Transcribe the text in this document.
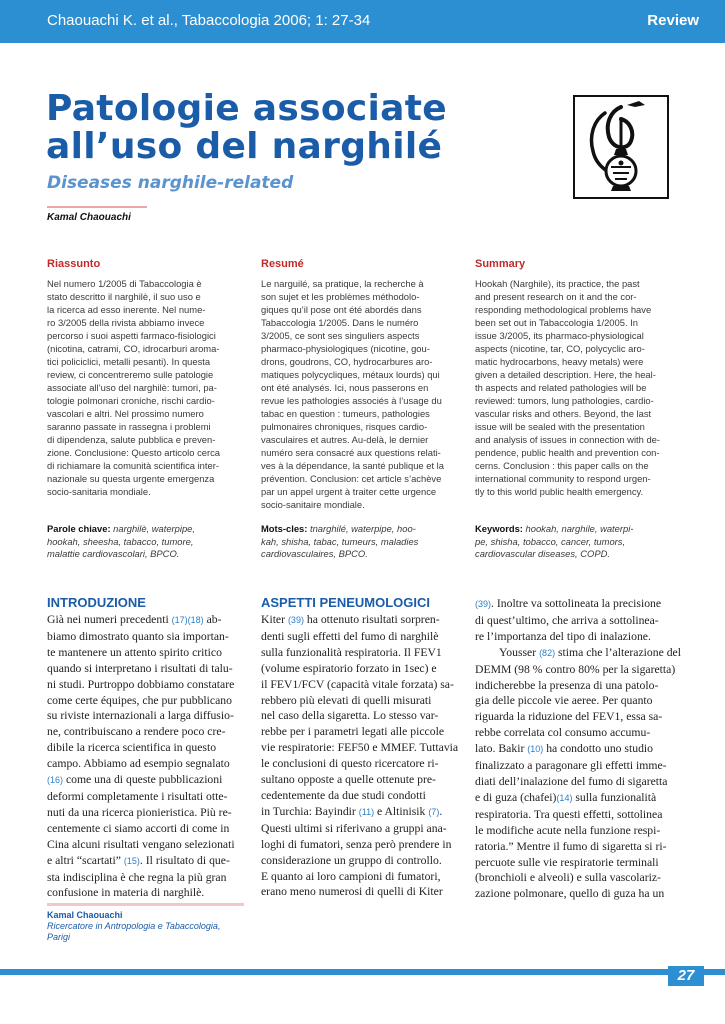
Chaouachi K. et al., Tabaccologia 2006; 1: 27-34	Review
Patologie associate
all’uso del narghilé
Diseases narghile-related
Kamal Chaouachi
Riassunto
Nel numero 1/2005 di Tabaccologia è
stato descritto il narghilè, il suo uso e
la ricerca ad esso inerente. Nel nume-
ro 3/2005 della rivista abbiamo invece
percorso i suoi aspetti farmaco-fisiologici
(nicotina, catrami, CO, idrocarburi aroma-
tici policiclici, metalli pesanti). In questa
review, ci concentreremo sulle patologie
associate all’uso del narghilè: tumori, pa-
tologie polmonari croniche, rischi cardio-
vascolari e altri. Nel prossimo numero
saranno passate in rassegna i problemi
di dipendenza, salute pubblica e preven-
zione. Conclusione: Questo articolo cerca
di richiamare la comunità scientifica inter-
nazionale su questa urgente emergenza
socio-sanitaria mondiale.
Parole chiave: narghilè, waterpipe,
hookah, sheesha, tabacco, tumore,
malattie cardiovascolari, BPCO.
Resumé
Le narguilé, sa pratique, la recherche à
son sujet et les problèmes méthodolo-
giques qu’il pose ont été abordés dans
Tabaccologia 1/2005. Dans le numéro
3/2005, ce sont ses singuliers aspects
pharmaco-physiologiques (nicotine, gou-
drons, goudrons, CO, hydrocarbures aro-
matiques polycycliques, métaux lourds) qui
ont été analysés. Ici, nous passerons en
revue les pathologies associés à l’usage du
tabac en question : tumeurs, pathologies
pulmonaires chroniques, risques cardio-
vasculaires et autres. Au-delà, le dernier
numéro sera consacré aux questions relati-
ves à la dépendance, la santé publique et la
prévention. Conclusion: cet article s’achève
par un appel urgent à traiter cette urgence
socio-sanitaire mondiale.
Mots-cles: tnarghilé, waterpipe, hoo-
kah, shisha, tabac, tumeurs, maladies
cardiovasculaires, BPCO.
Summary
Hookah (Narghile), its practice, the past
and present research on it and the cor-
responding methodological problems have
been set out in Tabaccologia 1/2005. In
issue 3/2005, its pharmaco-physiological
aspects (nicotine, tar, CO, polycyclic aro-
matic hydrocarbons, heavy metals) were
given a detailed description. Here, the heal-
th aspects and related pathologies will be
reviewed: tumors, lung pathologies, cardio-
vascular risks and others. Beyond, the last
issue will be sealed with the presentation
and analysis of issues in connection with de-
pendence, public health and prevention con-
cerns. Conclusion : this paper calls on the
international community to respond urgen-
tly to this world public health emergency.
Keywords: hookah, narghile, waterpi-
pe, shisha, tobacco, cancer, tumors,
cardiovascular diseases, COPD.
INTRODUZIONE
Già nei numeri precedenti (17)(18) ab-
biamo dimostrato quanto sia importan-
te mantenere un attento spirito critico
quando si interpretano i risultati di talu-
ni studi. Purtroppo dobbiamo constatare
come certe équipes, che pur pubblicano
su riviste internazionali a larga diffusio-
ne, contribuiscano a rendere poco cre-
dibile la ricerca scientifica in questo
campo. Abbiamo ad esempio segnalato
(16) come una di queste pubblicazioni
deformi completamente i risultati otte-
nuti da una ricerca pionieristica. Più re-
centemente ci siamo accorti di come in
Cina alcuni risultati vengano selezionati
e altri “scartati” (15). Il risultato di que-
sta indisciplina è che regna la più gran
confusione in materia di narghilè.
ASPETTI PENEUMOLOGICI
Kiter (39) ha ottenuto risultati sorpren-
denti sugli effetti del fumo di narghilè
sulla funzionalità respiratoria. Il FEV1
(volume espiratorio forzato in 1sec) e
il FEV1/FCV (capacità vitale forzata) sa-
rebbero più elevati di quelli misurati
nel caso della sigaretta. Lo stesso var-
rebbe per i parametri legati alle piccole
vie respiratorie: FEF50 e MMEF. Tuttavia
le conclusioni di questo ricercatore ri-
sultano opposte a quelle ottenute pre-
cedentemente da due studi condotti
in Turchia: Bayindir (11) e Altinisik (7).
Questi ultimi si riferivano a gruppi ana-
loghi di fumatori, senza però prendere in
considerazione un gruppo di controllo.
E quanto ai loro campioni di fumatori,
erano meno numerosi di quelli di Kiter
(39). Inoltre va sottolineata la precisione
di quest’ultimo, che arriva a sottolinea-
re l’importanza del tipo di inalazione.
Yousser (82) stima che l’alterazione del
DEMM (98 % contro 80% per la sigaretta)
indicherebbe la presenza di una patolo-
gia delle piccole vie aeree. Per quanto
riguarda la riduzione del FEV1, essa sa-
rebbe correlata col consumo accumu-
lato. Bakir (10) ha condotto uno studio
finalizzato a paragonare gli effetti imme-
diati dell’inalazione del fumo di sigaretta
e di guza (chafei)(14) sulla funzionalità
respiratoria. Tra questi effetti, sottolinea
le modifiche acute nella funzione respi-
ratoria.” Mentre il fumo di sigaretta si ri-
percuote sulle vie respiratorie terminali
(bronchioli e alveoli) e sulla vascolariz-
zazione polmonare, quello di guza ha un
Kamal Chaouachi
Ricercatore in Antropologia e Tabaccologia,
Parigi
27
